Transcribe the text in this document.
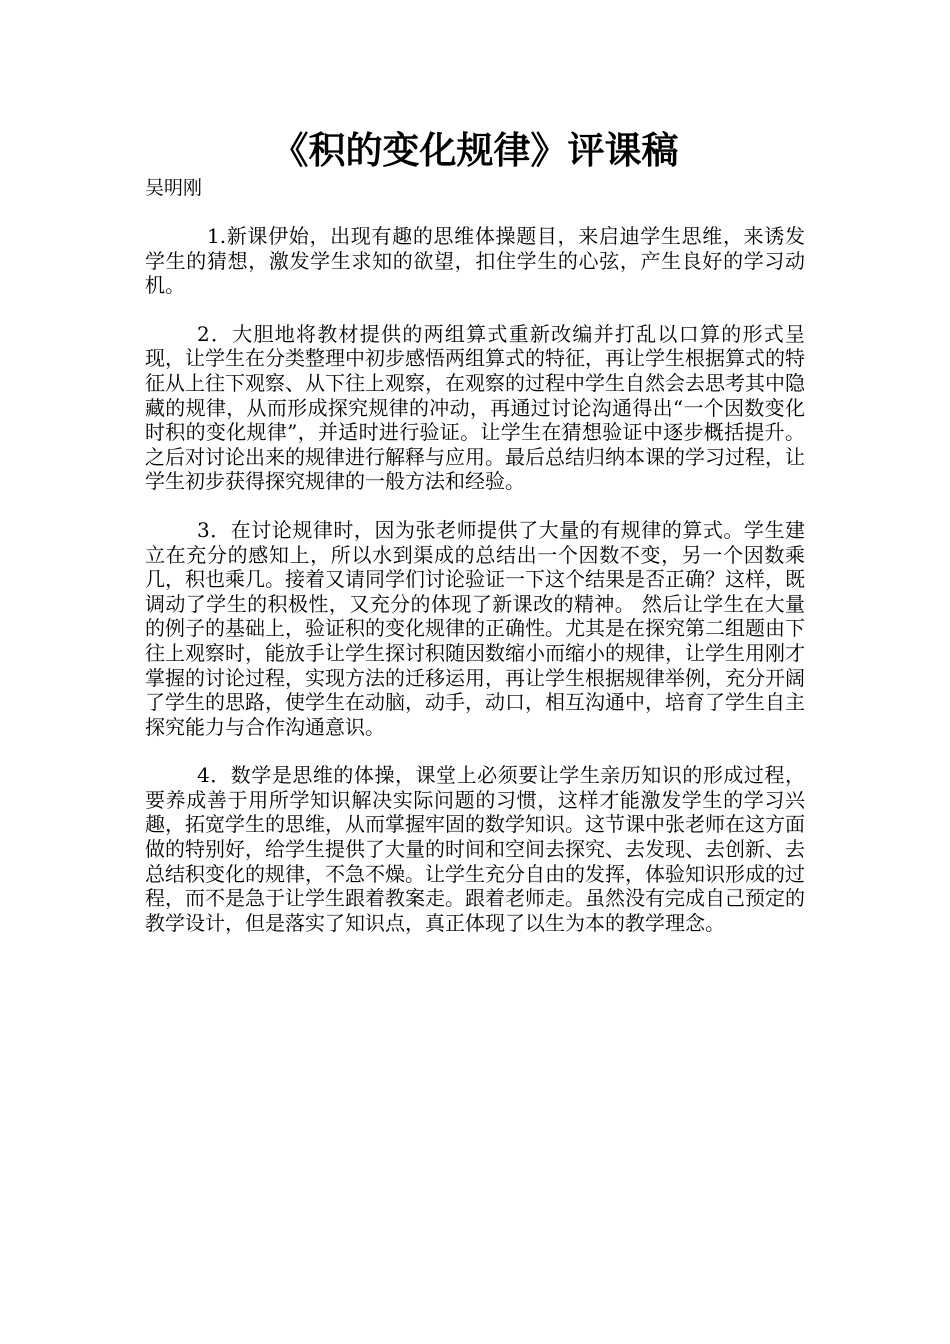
《积的变化规律》评课稿
吴明刚

1.新课伊始，出现有趣的思维体操题目，来启迪学生思维，来诱发学生的猜想，激发学生求知的欲望，扣住学生的心弦，产生良好的学习动机。

2．大胆地将教材提供的两组算式重新改编并打乱以口算的形式呈现，让学生在分类整理中初步感悟两组算式的特征，再让学生根据算式的特征从上往下观察、从下往上观察，在观察的过程中学生自然会去思考其中隐藏的规律，从而形成探究规律的冲动，再通过讨论沟通得出“一个因数变化时积的变化规律”，并适时进行验证。让学生在猜想验证中逐步概括提升。之后对讨论出来的规律进行解释与应用。最后总结归纳本课的学习过程，让学生初步获得探究规律的一般方法和经验。

3．在讨论规律时，因为张老师提供了大量的有规律的算式。学生建立在充分的感知上，所以水到渠成的总结出一个因数不变，另一个因数乘几，积也乘几。接着又请同学们讨论验证一下这个结果是否正确？这样，既调动了学生的积极性，又充分的体现了新课改的精神。 然后让学生在大量的例子的基础上，验证积的变化规律的正确性。尤其是在探究第二组题由下往上观察时，能放手让学生探讨积随因数缩小而缩小的规律，让学生用刚才掌握的讨论过程，实现方法的迁移运用，再让学生根据规律举例，充分开阔了学生的思路，使学生在动脑，动手，动口，相互沟通中，培育了学生自主探究能力与合作沟通意识。

4．数学是思维的体操，课堂上必须要让学生亲历知识的形成过程，要养成善于用所学知识解决实际问题的习惯，这样才能激发学生的学习兴趣，拓宽学生的思维，从而掌握牢固的数学知识。这节课中张老师在这方面做的特别好，给学生提供了大量的时间和空间去探究、去发现、去创新、去总结积变化的规律，不急不燥。让学生充分自由的发挥，体验知识形成的过程，而不是急于让学生跟着教案走。跟着老师走。虽然没有完成自己预定的教学设计，但是落实了知识点，真正体现了以生为本的教学理念。
